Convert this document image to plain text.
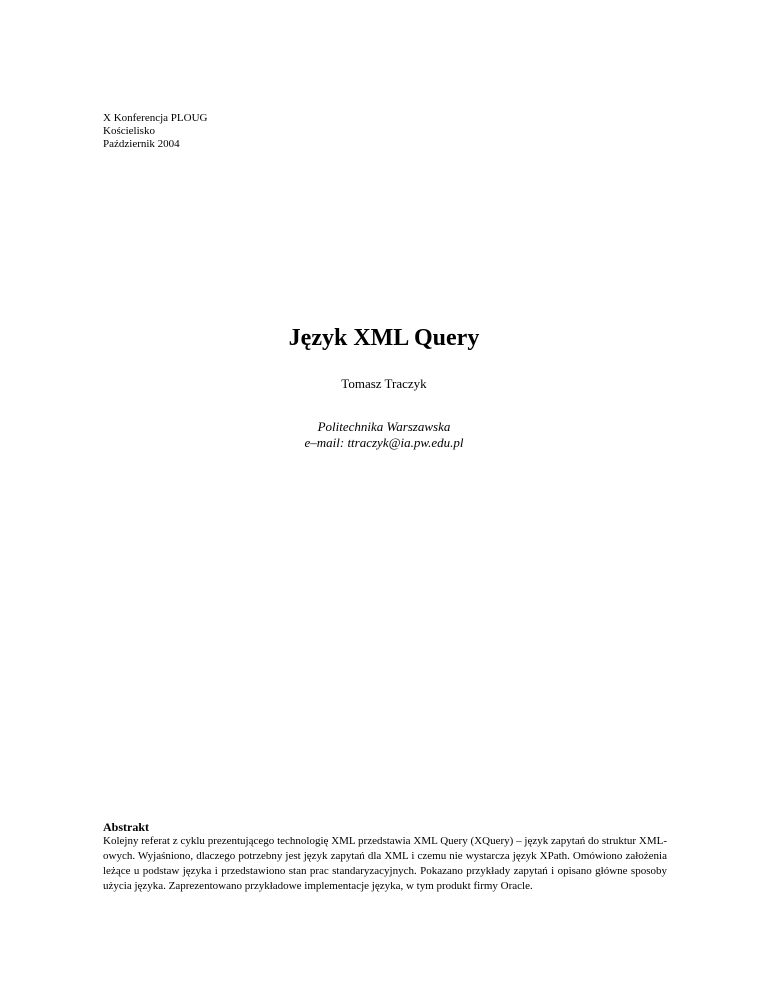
X Konferencja PLOUG
Kościelisko
Październik 2004
Język XML Query
Tomasz Traczyk
Politechnika Warszawska
e–mail: ttraczyk@ia.pw.edu.pl
Abstrakt
Kolejny referat z cyklu prezentującego technologię XML przedstawia XML Query (XQuery) – język zapytań do struktur XML-owych. Wyjaśniono, dlaczego potrzebny jest język zapytań dla XML i czemu nie wystarcza język XPath. Omówiono założenia leżące u podstaw języka i przedstawiono stan prac standaryzacyjnych. Pokazano przykłady zapytań i opisano główne sposoby użycia języka. Zaprezentowano przykładowe implementacje języka, w tym produkt firmy Oracle.
